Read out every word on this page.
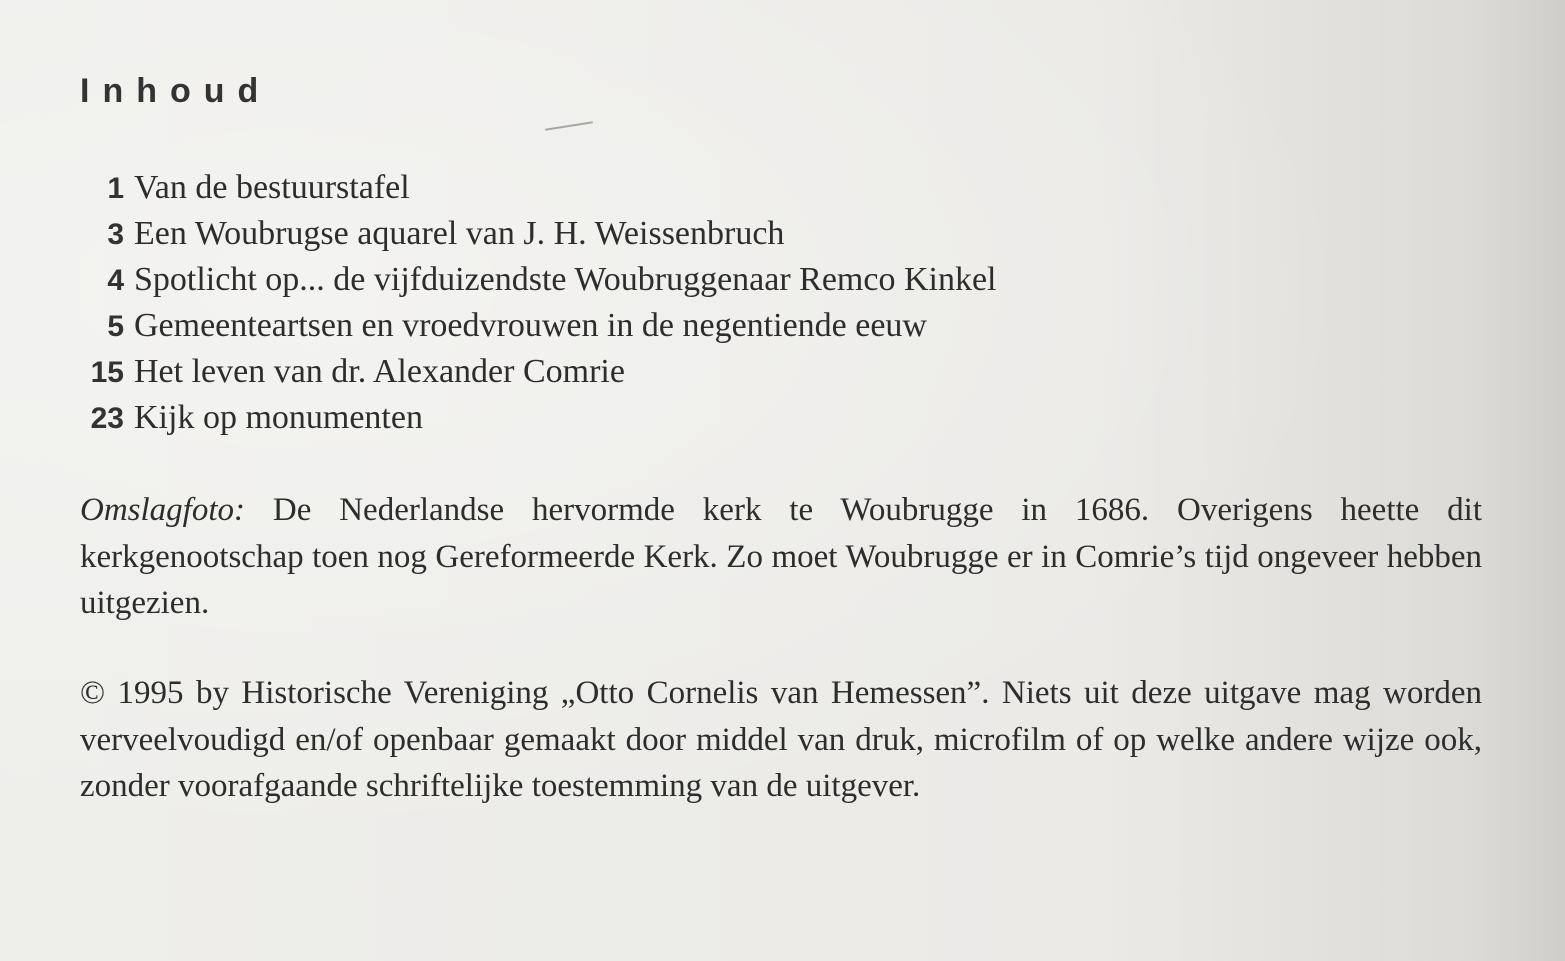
Inhoud
1 Van de bestuurstafel
3 Een Woubrugse aquarel van J. H. Weissenbruch
4 Spotlicht op... de vijfduizendste Woubruggenaar Remco Kinkel
5 Gemeenteartsen en vroedvrouwen in de negentiende eeuw
15 Het leven van dr. Alexander Comrie
23 Kijk op monumenten

Omslagfoto: De Nederlandse hervormde kerk te Woubrugge in 1686. Overigens heette dit kerkgenootschap toen nog Gereformeerde Kerk. Zo moet Woubrugge er in Comrie’s tijd ongeveer hebben uitgezien.

© 1995 by Historische Vereniging „Otto Cornelis van Hemessen”. Niets uit deze uitgave mag worden verveelvoudigd en/of openbaar gemaakt door middel van druk, microfilm of op welke andere wijze ook, zonder voorafgaande schriftelijke toestemming van de uitgever.
